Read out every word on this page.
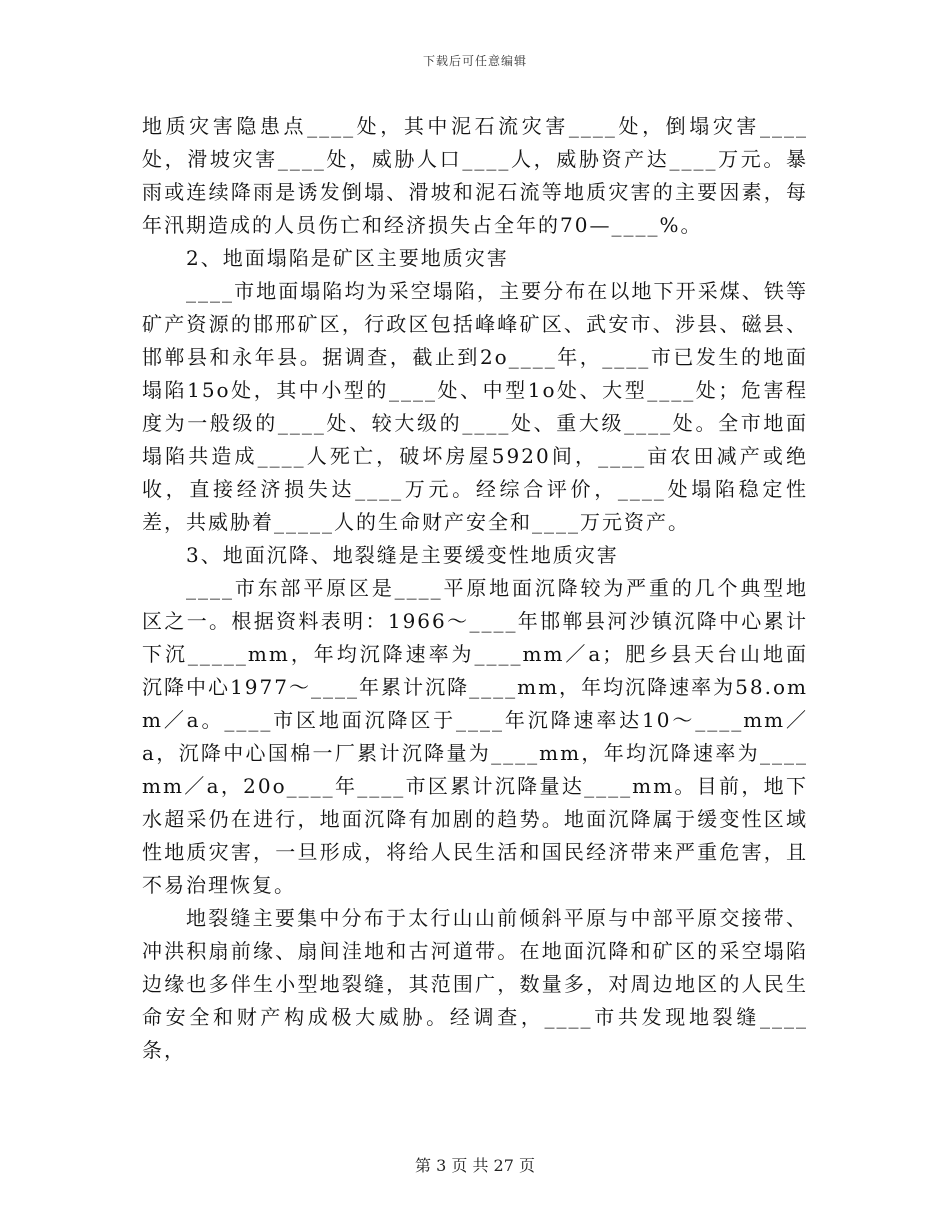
下载后可任意编辑

地质灾害隐患点____处，其中泥石流灾害____处，倒塌灾害____处，滑坡灾害____处，威胁人口____人，威胁资产达____万元。暴雨或连续降雨是诱发倒塌、滑坡和泥石流等地质灾害的主要因素，每年汛期造成的人员伤亡和经济损失占全年的70—____%。

2、地面塌陷是矿区主要地质灾害

____市地面塌陷均为采空塌陷，主要分布在以地下开采煤、铁等矿产资源的邯邢矿区，行政区包括峰峰矿区、武安市、涉县、磁县、邯郸县和永年县。据调查，截止到2o____年，____市已发生的地面塌陷15o处，其中小型的____处、中型1o处、大型____处；危害程度为一般级的____处、较大级的____处、重大级____处。全市地面塌陷共造成____人死亡，破坏房屋5920间，____亩农田减产或绝收，直接经济损失达____万元。经综合评价，____处塌陷稳定性差，共威胁着_____人的生命财产安全和____万元资产。

3、地面沉降、地裂缝是主要缓变性地质灾害

____市东部平原区是____平原地面沉降较为严重的几个典型地区之一。根据资料表明：1966～____年邯郸县河沙镇沉降中心累计下沉_____mm，年均沉降速率为____mm／a；肥乡县天台山地面沉降中心1977～____年累计沉降____mm，年均沉降速率为58.omm／a。____市区地面沉降区于____年沉降速率达10～____mm／a，沉降中心国棉一厂累计沉降量为____mm，年均沉降速率为____mm／a，20o____年____市区累计沉降量达____mm。目前，地下水超采仍在进行，地面沉降有加剧的趋势。地面沉降属于缓变性区域性地质灾害，一旦形成，将给人民生活和国民经济带来严重危害，且不易治理恢复。

地裂缝主要集中分布于太行山山前倾斜平原与中部平原交接带、冲洪积扇前缘、扇间洼地和古河道带。在地面沉降和矿区的采空塌陷边缘也多伴生小型地裂缝，其范围广，数量多，对周边地区的人民生命安全和财产构成极大威胁。经调查，____市共发现地裂缝____条，

第 3 页 共 27 页
